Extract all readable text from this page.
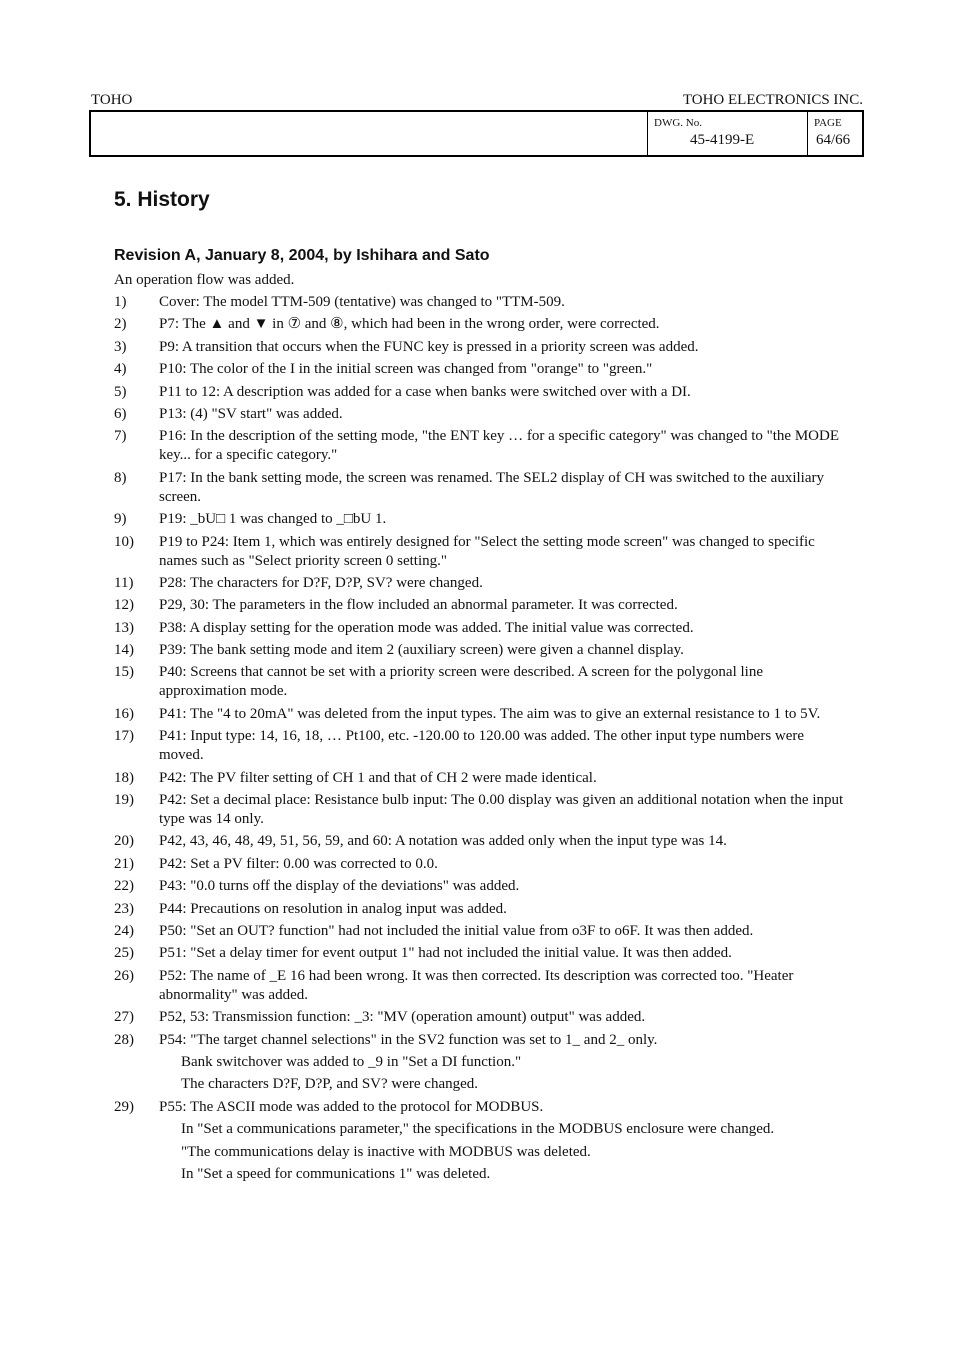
TOHO	TOHO ELECTRONICS INC.
DWG. No.
45-4199-E
PAGE
64/66
5. History
Revision A, January 8, 2004, by Ishihara and Sato
An operation flow was added.
1)	Cover: The model TTM-509 (tentative) was changed to "TTM-509.
2)	P7: The ▲ and ▼ in ⑦ and ⑧, which had been in the wrong order, were corrected.
3)	P9: A transition that occurs when the FUNC key is pressed in a priority screen was added.
4)	P10: The color of the I in the initial screen was changed from "orange" to "green."
5)	P11 to 12: A description was added for a case when banks were switched over with a DI.
6)	P13: (4) "SV start" was added.
7)	P16: In the description of the setting mode, "the ENT key … for a specific category" was changed to "the MODE key... for a specific category."
8)	P17: In the bank setting mode, the screen was renamed. The SEL2 display of CH was switched to the auxiliary screen.
9)	P19: _bU□ 1 was changed to _□bU 1.
10)	P19 to P24: Item 1, which was entirely designed for "Select the setting mode screen" was changed to specific names such as "Select priority screen 0 setting."
11)	P28: The characters for D?F, D?P, SV? were changed.
12)	P29, 30: The parameters in the flow included an abnormal parameter. It was corrected.
13)	P38: A display setting for the operation mode was added. The initial value was corrected.
14)	P39: The bank setting mode and item 2 (auxiliary screen) were given a channel display.
15)	P40: Screens that cannot be set with a priority screen were described. A screen for the polygonal line approximation mode.
16)	P41: The "4 to 20mA" was deleted from the input types. The aim was to give an external resistance to 1 to 5V.
17)	P41: Input type: 14, 16, 18, … Pt100, etc. -120.00 to 120.00 was added. The other input type numbers were moved.
18)	P42: The PV filter setting of CH 1 and that of CH 2 were made identical.
19)	P42: Set a decimal place: Resistance bulb input: The 0.00 display was given an additional notation when the input type was 14 only.
20)	P42, 43, 46, 48, 49, 51, 56, 59, and 60: A notation was added only when the input type was 14.
21)	P42: Set a PV filter: 0.00 was corrected to 0.0.
22)	P43: "0.0 turns off the display of the deviations" was added.
23)	P44: Precautions on resolution in analog input was added.
24)	P50: "Set an OUT? function" had not included the initial value from o3F to o6F. It was then added.
25)	P51: "Set a delay timer for event output 1" had not included the initial value. It was then added.
26)	P52: The name of _E 16 had been wrong. It was then corrected. Its description was corrected too. "Heater abnormality" was added.
27)	P52, 53: Transmission function: _3: "MV (operation amount) output" was added.
28)	P54: "The target channel selections" in the SV2 function was set to 1_ and 2_ only.
Bank switchover was added to _9 in "Set a DI function."
The characters D?F, D?P, and SV? were changed.
29)	P55: The ASCII mode was added to the protocol for MODBUS.
In "Set a communications parameter," the specifications in the MODBUS enclosure were changed.
"The communications delay is inactive with MODBUS was deleted.
In "Set a speed for communications 1" was deleted.
